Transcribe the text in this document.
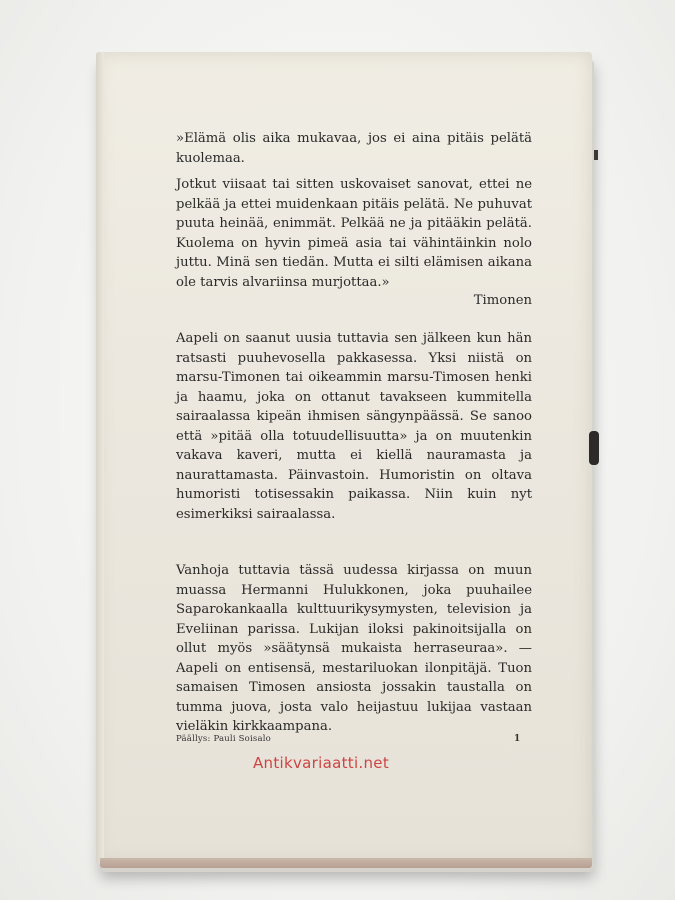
»Elämä olis aika mukavaa, jos ei aina pitäis pelätä kuolemaa.

Jotkut viisaat tai sitten uskovaiset sanovat, ettei ne pelkää ja ettei muidenkaan pitäis pelätä. Ne puhuvat puuta heinää, enimmät. Pelkää ne ja pitääkin pelätä. Kuolema on hyvin pimeä asia tai vähintäinkin nolo juttu. Minä sen tiedän. Mutta ei silti elämisen aikana ole tarvis alvariinsa murjottaa.»

Timonen

Aapeli on saanut uusia tuttavia sen jälkeen kun hän ratsasti puuhevosella pakkasessa. Yksi niistä on marsu-Timonen tai oikeammin marsu-Timosen henki ja haamu, joka on ottanut tavakseen kummitella sairaalassa kipeän ihmisen sängynpäässä. Se sanoo että »pitää olla totuudellisuutta» ja on muutenkin vakava kaveri, mutta ei kiellä nauramasta ja naurattamasta. Päinvastoin. Humoristin on oltava humoristi totisessakin paikassa. Niin kuin nyt esimerkiksi sairaalassa.

Vanhoja tuttavia tässä uudessa kirjassa on muun muassa Hermanni Hulukkonen, joka puuhailee Saparokankaalla kulttuurikysymysten, television ja Eveliinan parissa. Lukijan iloksi pakinoitsijalla on ollut myös »säätynsä mukaista herraseuraa». — Aapeli on entisensä, mestariluokan ilonpitäjä. Tuon samaisen Timosen ansiosta jossakin taustalla on tumma juova, josta valo heijastuu lukijaa vastaan vieläkin kirkkaampana.

Päällys: Pauli Soisalo	1
Antikvariaatti.net
